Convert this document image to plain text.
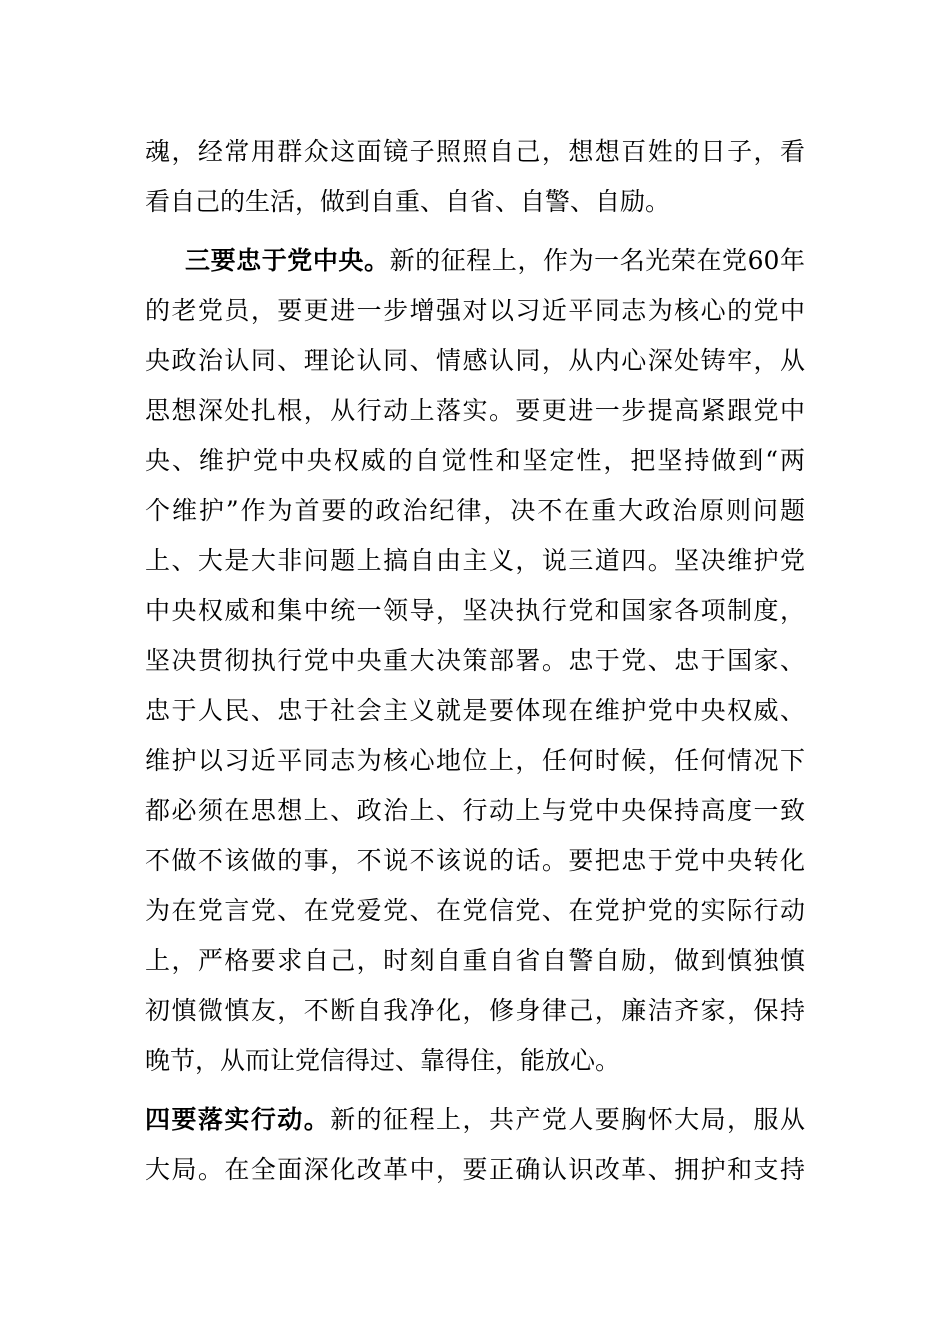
魂，经常用群众这面镜子照照自己，想想百姓的日子，看
看自己的生活，做到自重、自省、自警、自励。
三要忠于党中央。新的征程上，作为一名光荣在党60年
的老党员，要更进一步增强对以习近平同志为核心的党中
央政治认同、理论认同、情感认同，从内心深处铸牢，从
思想深处扎根，从行动上落实。要更进一步提高紧跟党中
央、维护党中央权威的自觉性和坚定性，把坚持做到“两
个维护”作为首要的政治纪律，决不在重大政治原则问题
上、大是大非问题上搞自由主义，说三道四。坚决维护党
中央权威和集中统一领导，坚决执行党和国家各项制度，
坚决贯彻执行党中央重大决策部署。忠于党、忠于国家、
忠于人民、忠于社会主义就是要体现在维护党中央权威、
维护以习近平同志为核心地位上，任何时候，任何情况下
都必须在思想上、政治上、行动上与党中央保持高度一致
不做不该做的事，不说不该说的话。要把忠于党中央转化
为在党言党、在党爱党、在党信党、在党护党的实际行动
上，严格要求自己，时刻自重自省自警自励，做到慎独慎
初慎微慎友，不断自我净化，修身律己，廉洁齐家，保持
晚节，从而让党信得过、靠得住，能放心。
四要落实行动。新的征程上，共产党人要胸怀大局，服从
大局。在全面深化改革中，要正确认识改革、拥护和支持
